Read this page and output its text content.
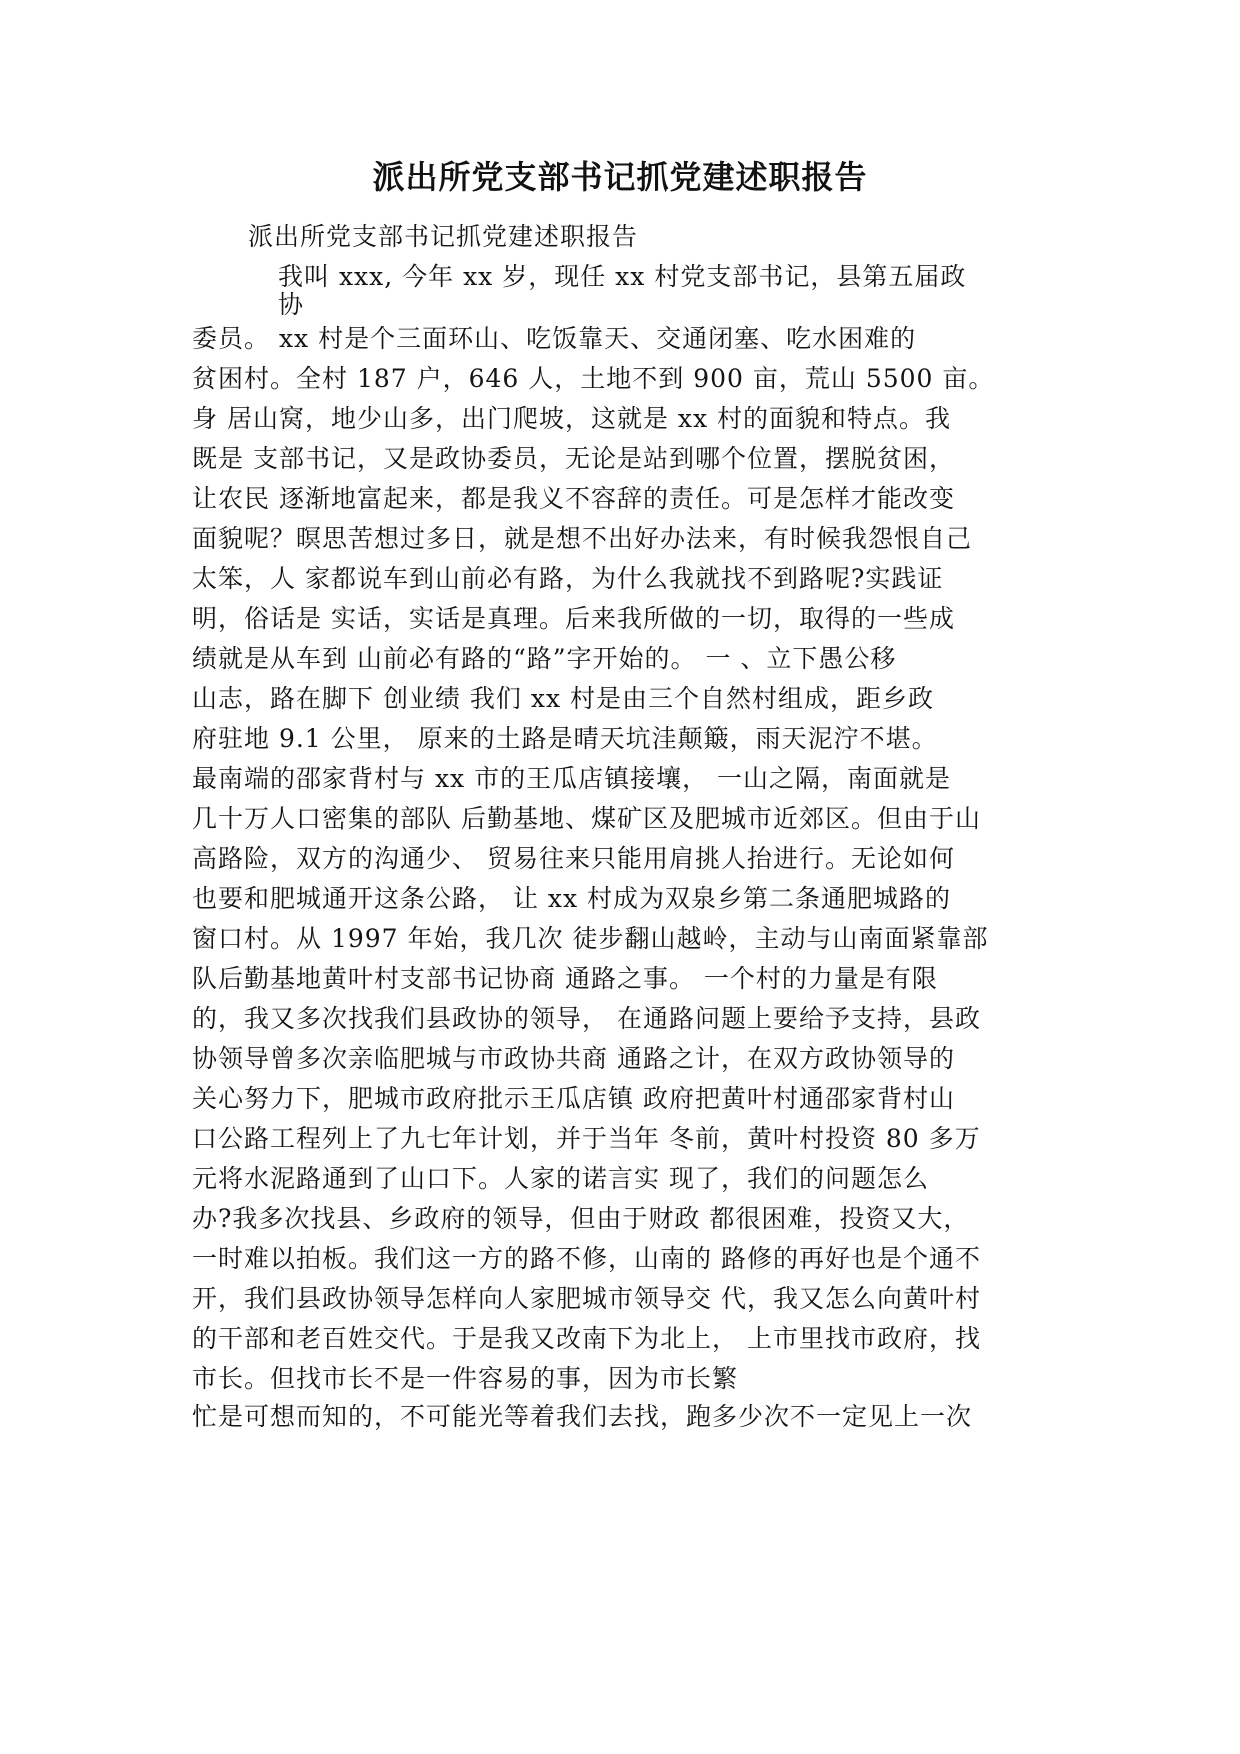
派出所党支部书记抓党建述职报告
派出所党支部书记抓党建述职报告
我叫 xxx, 今年 xx 岁，现任 xx 村党支部书记，县第五届政
协
委员。 xx 村是个三面环山、吃饭靠天、交通闭塞、吃水困难的
贫困村。全村 187 户，646 人，土地不到 900 亩，荒山 5500 亩。
身 居山窝，地少山多，出门爬坡，这就是 xx 村的面貌和特点。我
既是 支部书记，又是政协委员，无论是站到哪个位置，摆脱贫困，
让农民 逐渐地富起来，都是我义不容辞的责任。可是怎样才能改变
面貌呢？暝思苦想过多日，就是想不出好办法来，有时候我怨恨自己
太笨，人 家都说车到山前必有路，为什么我就找不到路呢?实践证
明，俗话是 实话，实话是真理。后来我所做的一切，取得的一些成
绩就是从车到 山前必有路的“路”字开始的。 一 、立下愚公移
山志，路在脚下 创业绩 我们 xx 村是由三个自然村组成，距乡政
府驻地 9.1 公里， 原来的土路是晴天坑洼颠簸，雨天泥泞不堪。
最南端的邵家背村与 xx 市的王瓜店镇接壤， 一山之隔，南面就是
几十万人口密集的部队 后勤基地、煤矿区及肥城市近郊区。但由于山
高路险，双方的沟通少、 贸易往来只能用肩挑人抬进行。无论如何
也要和肥城通开这条公路， 让 xx 村成为双泉乡第二条通肥城路的
窗口村。从 1997 年始，我几次 徒步翻山越岭，主动与山南面紧靠部
队后勤基地黄叶村支部书记协商 通路之事。 一个村的力量是有限
的，我又多次找我们县政协的领导， 在通路问题上要给予支持，县政
协领导曾多次亲临肥城与市政协共商 通路之计，在双方政协领导的
关心努力下，肥城市政府批示王瓜店镇 政府把黄叶村通邵家背村山
口公路工程列上了九七年计划，并于当年 冬前，黄叶村投资 80 多万
元将水泥路通到了山口下。人家的诺言实 现了，我们的问题怎么
办?我多次找县、乡政府的领导，但由于财政 都很困难，投资又大，
一时难以拍板。我们这一方的路不修，山南的 路修的再好也是个通不
开，我们县政协领导怎样向人家肥城市领导交 代，我又怎么向黄叶村
的干部和老百姓交代。于是我又改南下为北上， 上市里找市政府，找
市长。但找市长不是一件容易的事，因为市长繁
忙是可想而知的，不可能光等着我们去找，跑多少次不一定见上一次
